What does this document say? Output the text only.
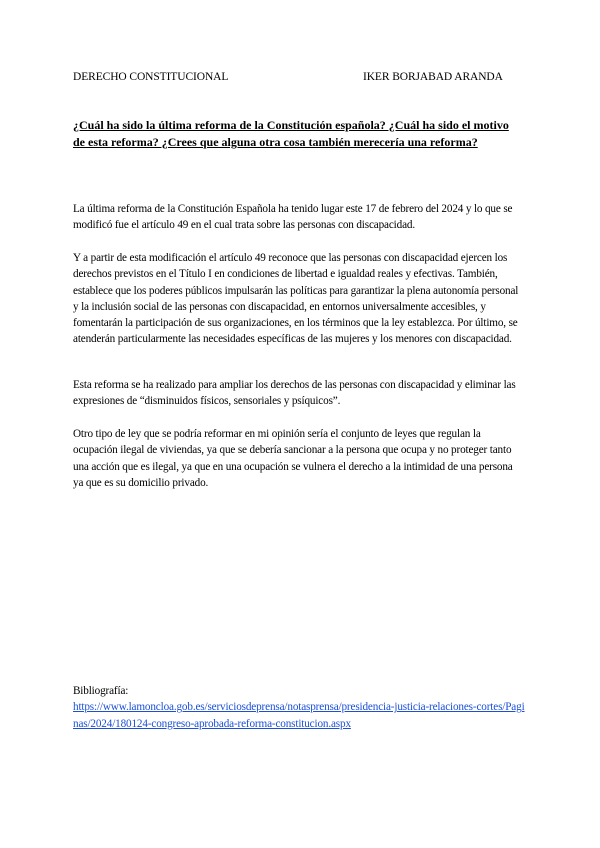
DERECHO CONSTITUCIONAL	IKER BORJABAD ARANDA
¿Cuál ha sido la última reforma de la Constitución española? ¿Cuál ha sido el motivo de esta reforma? ¿Crees que alguna otra cosa también merecería una reforma?

La última reforma de la Constitución Española ha tenido lugar este 17 de febrero del 2024 y lo que se modificó fue el artículo 49 en el cual trata sobre las personas con discapacidad.

Y a partir de esta modificación el artículo 49 reconoce que las personas con discapacidad ejercen los derechos previstos en el Título I en condiciones de libertad e igualdad reales y efectivas. También, establece que los poderes públicos impulsarán las políticas para garantizar la plena autonomía personal y la inclusión social de las personas con discapacidad, en entornos universalmente accesibles, y fomentarán la participación de sus organizaciones, en los términos que la ley establezca. Por último, se atenderán particularmente las necesidades específicas de las mujeres y los menores con discapacidad.

Esta reforma se ha realizado para ampliar los derechos de las personas con discapacidad y eliminar las expresiones de “disminuidos físicos, sensoriales y psíquicos”.

Otro tipo de ley que se podría reformar en mi opinión sería el conjunto de leyes que regulan la ocupación ilegal de viviendas, ya que se debería sancionar a la persona que ocupa y no proteger tanto una acción que es ilegal, ya que en una ocupación se vulnera el derecho a la intimidad de una persona ya que es su domicilio privado.

Bibliografía:
https://www.lamoncloa.gob.es/serviciosdeprensa/notasprensa/presidencia-justicia-relaciones-cortes/Paginas/2024/180124-congreso-aprobada-reforma-constitucion.aspx
